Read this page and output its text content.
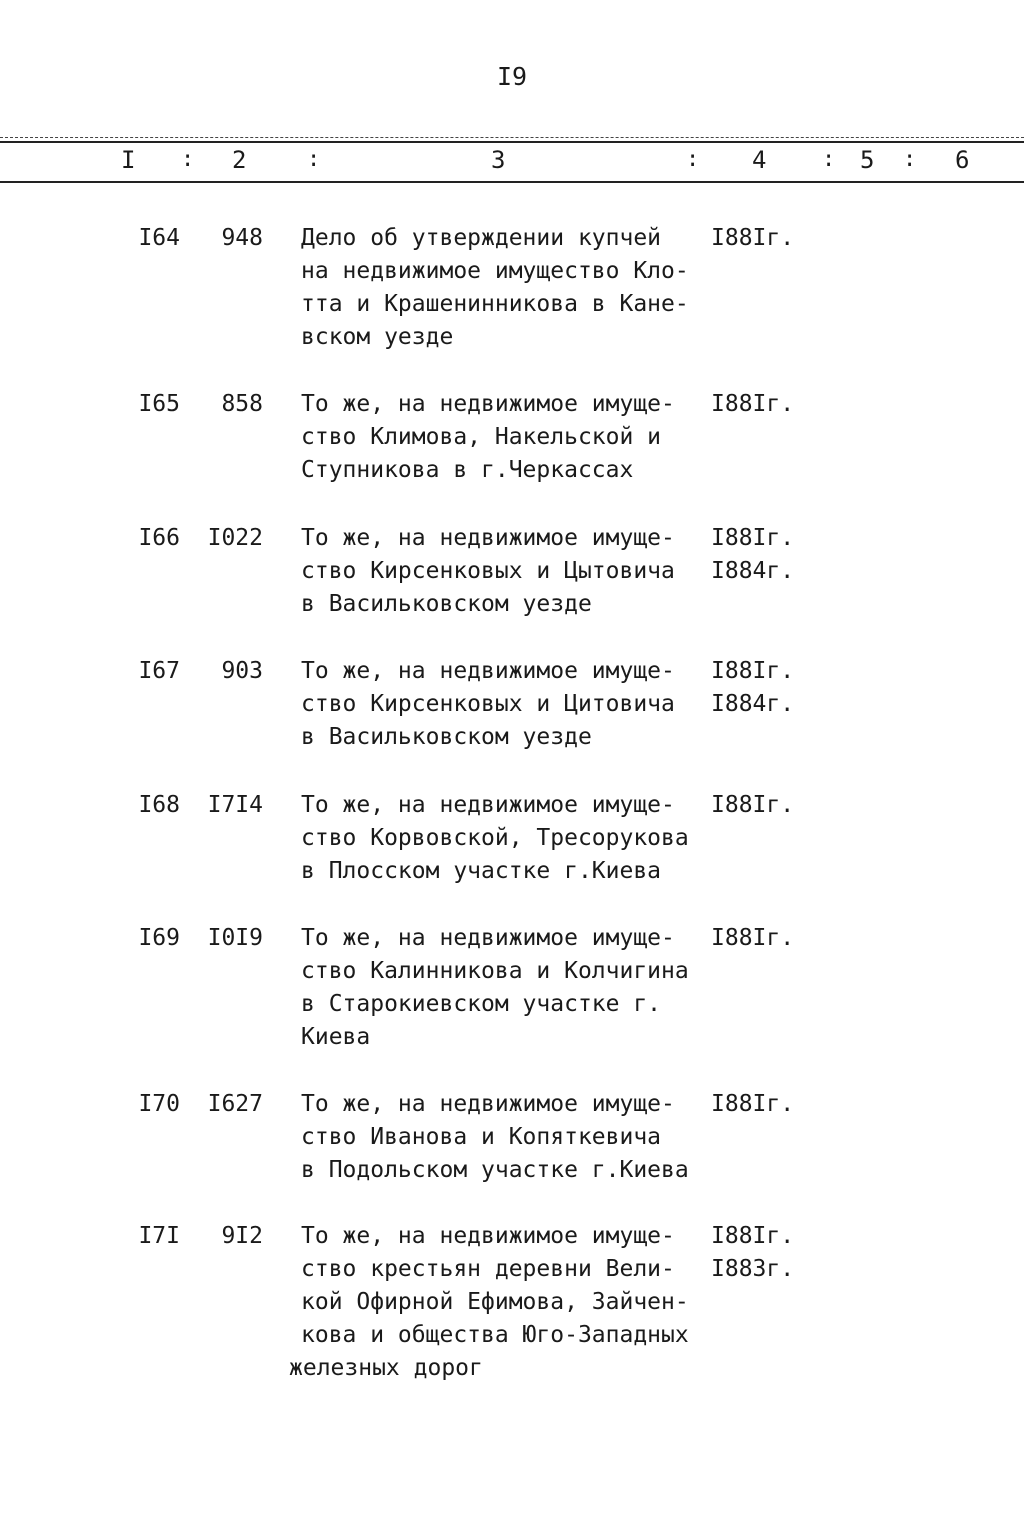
I9
I : 2	:	3	: 4	: 5 : 6
I64	948 Дело об утверждении купчей
на недвижимое имущество Кло-
тта и Крашенинникова в Кане-
вском уезде
I88Iг.
I65	858 То же, на недвижимое имуще-
ство Климова, Накельской и
Ступникова в г.Черкассах
I88Iг.
I66	I022 То же, на недвижимое имуще-
ство Кирсенковых и Цытовича
в Васильковском уезде
I88Iг.
I884г.
I67	903 То же, на недвижимое имуще-
ство Кирсенковых и Цитовича
в Васильковском уезде
I88Iг.
I884г.
I68	I7I4 То же, на недвижимое имуще-
ство Корвовской, Тресорукова
в Плосском участке г.Киева
I88Iг.
I69	I0I9 То же, на недвижимое имуще-
ство Калинникова и Колчигина
в Старокиевском участке г.
Киева
I88Iг.
I70	I627 То же, на недвижимое имуще-
ство Иванова и Копяткевича
в Подольском участке г.Киева
I88Iг.
I7I	9I2 То же, на недвижимое имуще-
ство крестьян деревни Вели-
кой Офирной Ефимова, Зайчен-
кова и общества Юго-Западных
железных дорог
I88Iг.
I883г.
